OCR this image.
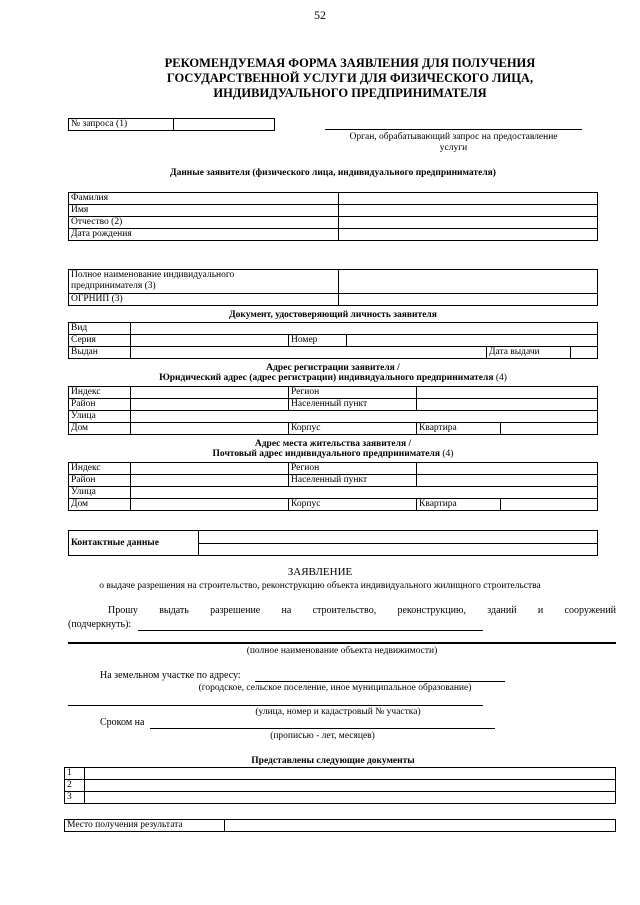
52
РЕКОМЕНДУЕМАЯ ФОРМА ЗАЯВЛЕНИЯ ДЛЯ ПОЛУЧЕНИЯ
ГОСУДАРСТВЕННОЙ УСЛУГИ ДЛЯ ФИЗИЧЕСКОГО ЛИЦА,
ИНДИВИДУАЛЬНОГО ПРЕДПРИНИМАТЕЛЯ
№ запроса (1)	
Орган, обрабатывающий запрос на предоставление
услуги
Данные заявителя (физического лица, индивидуального предпринимателя)
Фамилия	
Имя	
Отчество (2)	
Дата рождения	
Полное наименование индивидуального
предпринимателя (3)	

ОГРНИП (3)	
Документ, удостоверяющий личность заявителя
Вид					
Серия		Номер			
Выдан				Дата выдачи	
Адрес регистрации заявителя /
Юридический адрес (адрес регистрации) индивидуального предпринимателя (4)
Индекс		Регион		
Район		Населенный пункт		
Улица				
Дом		Корпус	Квартира	
Адрес места жительства заявителя /
Почтовый адрес индивидуального предпринимателя (4)
Индекс		Регион		
Район		Населенный пункт		
Улица				
Дом		Корпус	Квартира	
Контактные данные	

ЗАЯВЛЕНИЕ
о выдаче разрешения на строительство, реконструкцию объекта индивидуального жилищного строительства
Прошу выдать разрешение на строительство, реконструкцию, зданий и сооружений
(подчеркнуть):
(полное наименование объекта недвижимости)
На земельном участке по адресу:
(городское, сельское поселение, иное муниципальное образование)
(улица, номер и кадастровый № участка)
Сроком на
(прописью - лет, месяцев)
Представлены следующие документы
1	
2	
3	
Место получения результата	
